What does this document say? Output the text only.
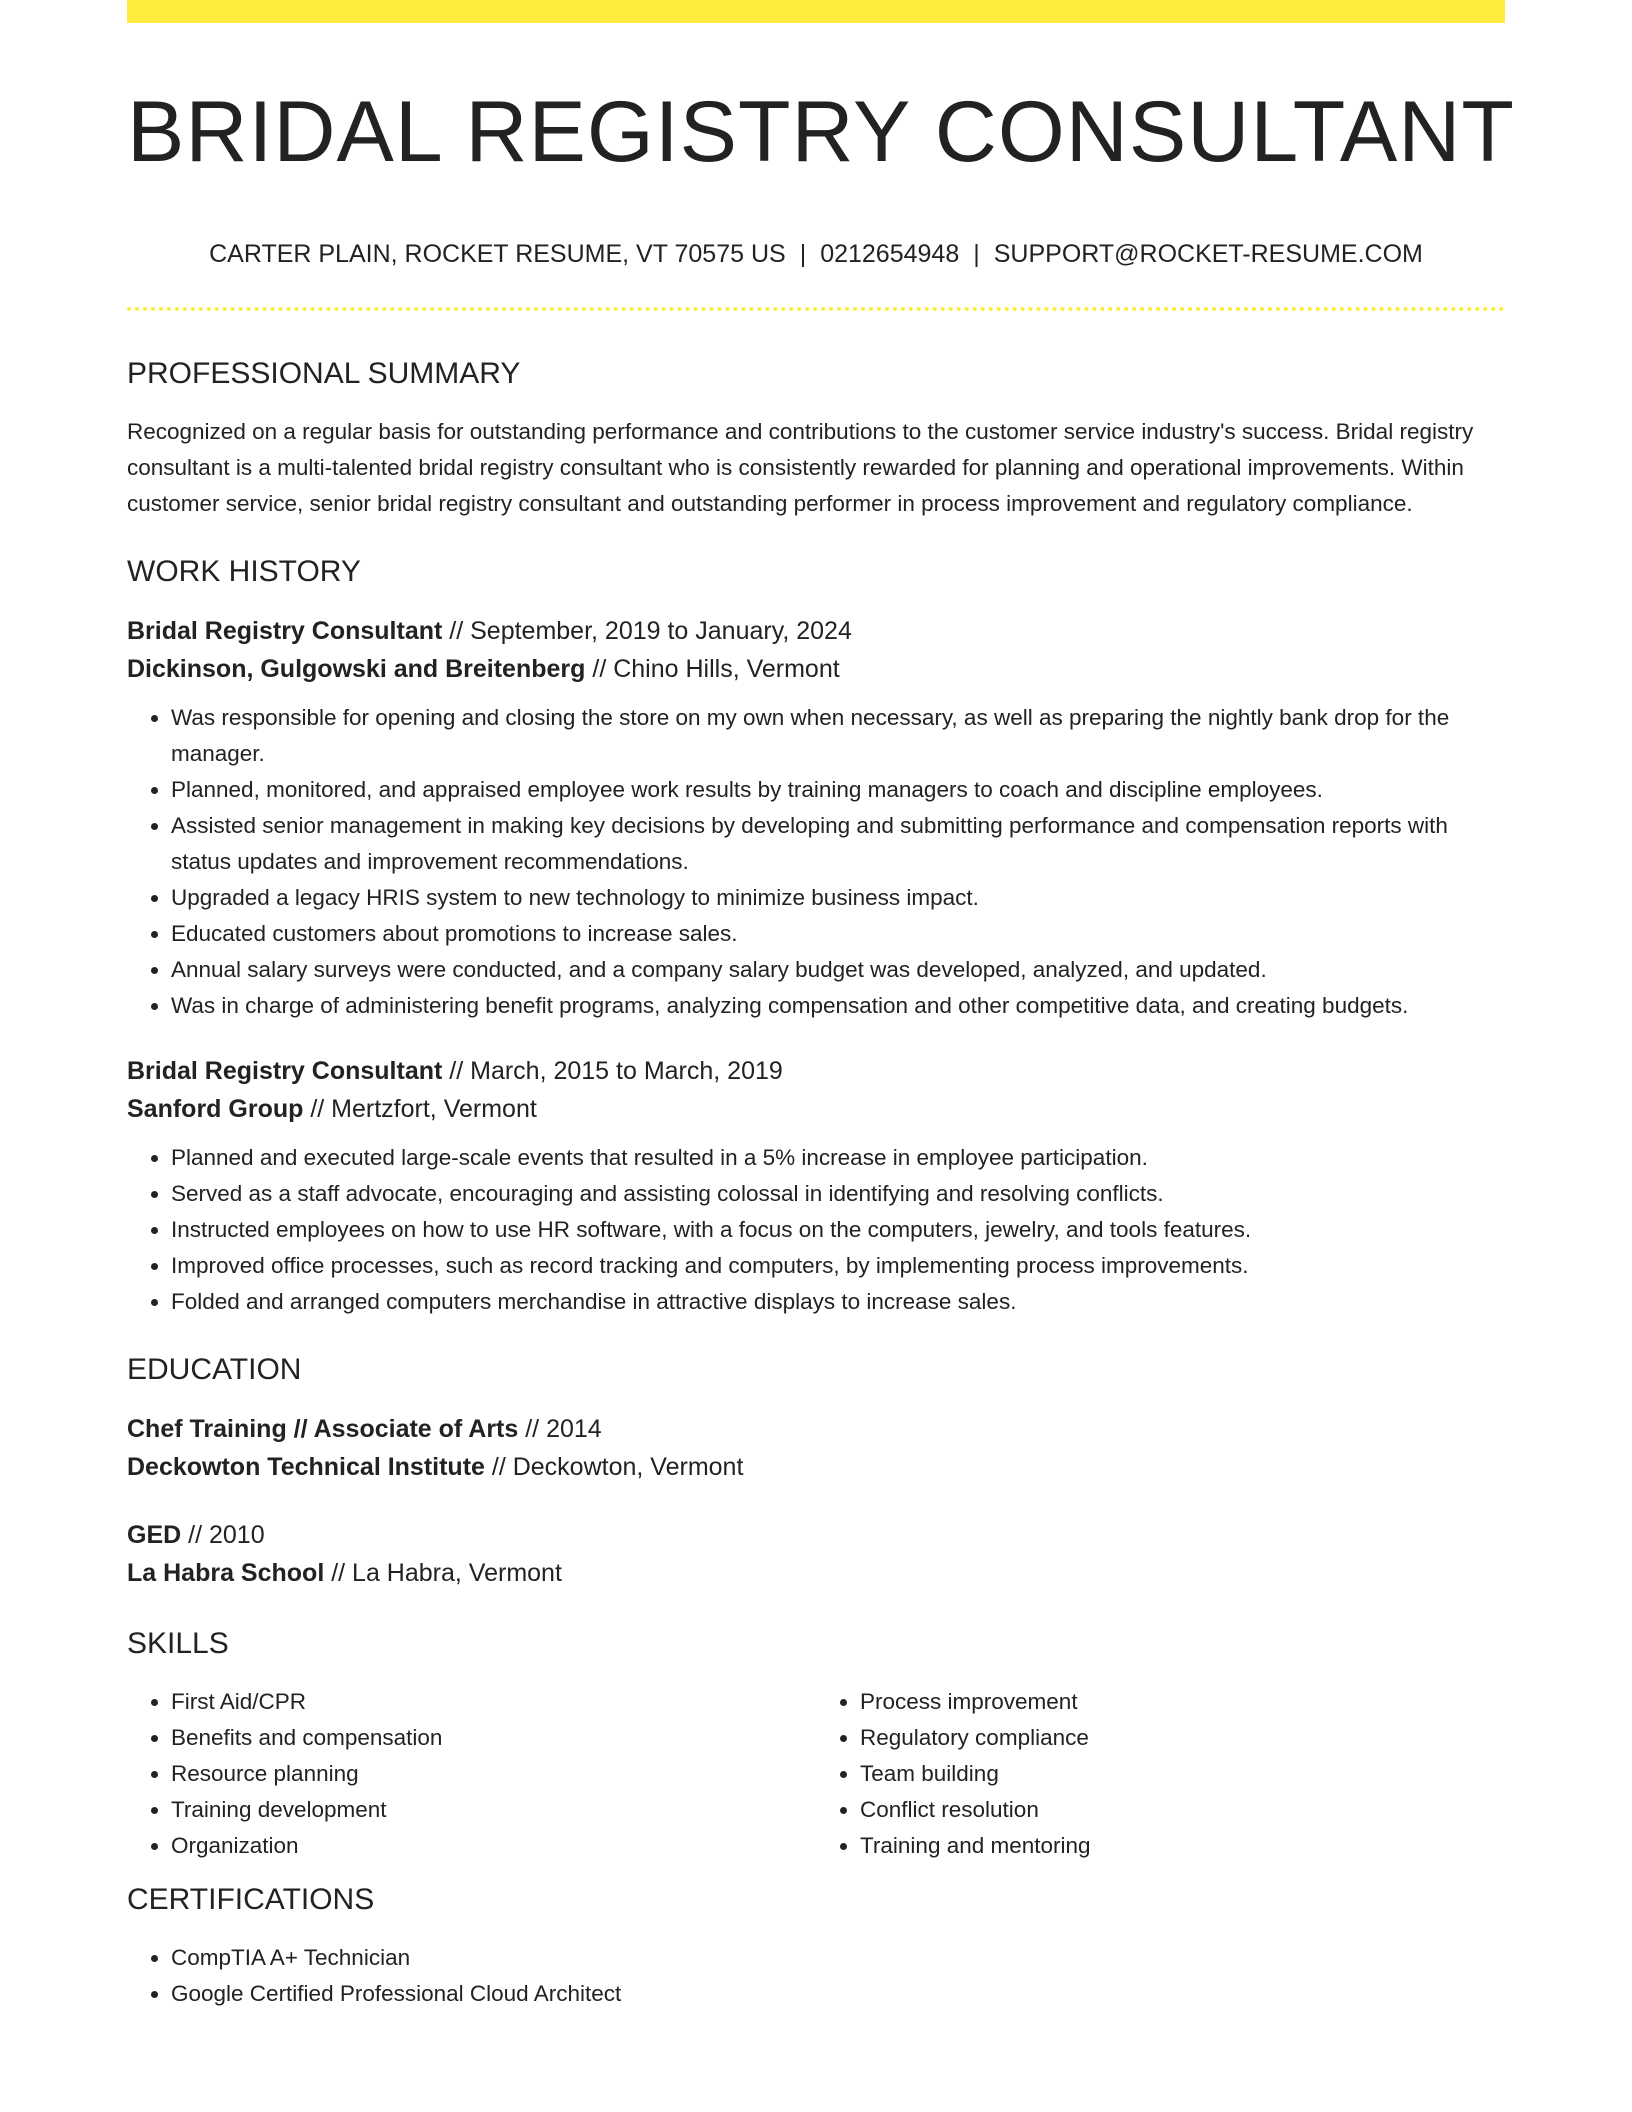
BRIDAL REGISTRY CONSULTANT
CARTER PLAIN, ROCKET RESUME, VT 70575 US | 0212654948 | SUPPORT@ROCKET-RESUME.COM
PROFESSIONAL SUMMARY

Recognized on a regular basis for outstanding performance and contributions to the customer service industry's success. Bridal registry consultant is a multi-talented bridal registry consultant who is consistently rewarded for planning and operational improvements. Within customer service, senior bridal registry consultant and outstanding performer in process improvement and regulatory compliance.

WORK HISTORY
Bridal Registry Consultant // September, 2019 to January, 2024
Dickinson, Gulgowski and Breitenberg // Chino Hills, Vermont
• Was responsible for opening and closing the store on my own when necessary, as well as preparing the nightly bank drop for the manager.
• Planned, monitored, and appraised employee work results by training managers to coach and discipline employees.
• Assisted senior management in making key decisions by developing and submitting performance and compensation reports with status updates and improvement recommendations.
• Upgraded a legacy HRIS system to new technology to minimize business impact.
• Educated customers about promotions to increase sales.
• Annual salary surveys were conducted, and a company salary budget was developed, analyzed, and updated.
• Was in charge of administering benefit programs, analyzing compensation and other competitive data, and creating budgets.
Bridal Registry Consultant // March, 2015 to March, 2019
Sanford Group // Mertzfort, Vermont
• Planned and executed large-scale events that resulted in a 5% increase in employee participation.
• Served as a staff advocate, encouraging and assisting colossal in identifying and resolving conflicts.
• Instructed employees on how to use HR software, with a focus on the computers, jewelry, and tools features.
• Improved office processes, such as record tracking and computers, by implementing process improvements.
• Folded and arranged computers merchandise in attractive displays to increase sales.
EDUCATION
Chef Training // Associate of Arts // 2014
Deckowton Technical Institute // Deckowton, Vermont
GED // 2010
La Habra School // La Habra, Vermont
SKILLS
• First Aid/CPR
• Benefits and compensation
• Resource planning
• Training development
• Organization
• Process improvement
• Regulatory compliance
• Team building
• Conflict resolution
• Training and mentoring
CERTIFICATIONS
• CompTIA A+ Technician
• Google Certified Professional Cloud Architect
